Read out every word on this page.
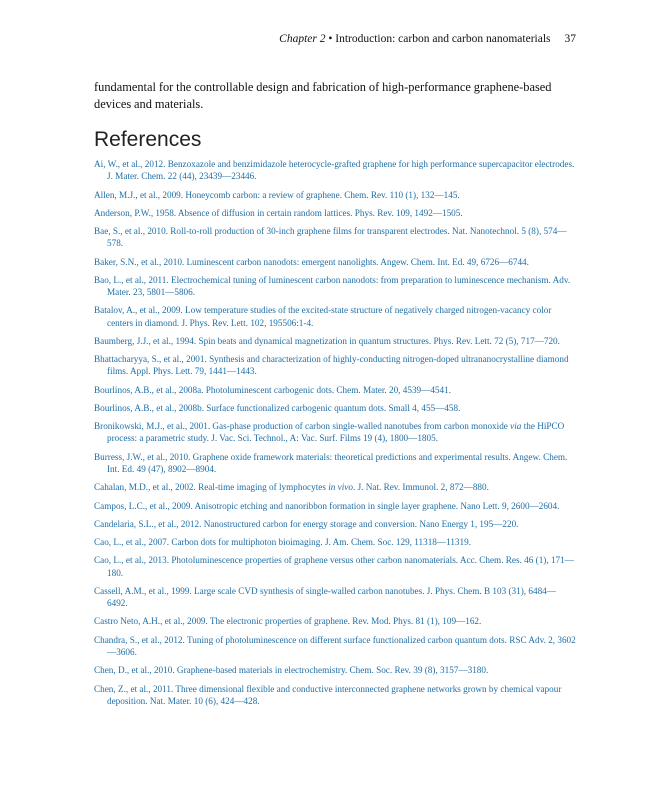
Chapter 2 • Introduction: carbon and carbon nanomaterials 37

fundamental for the controllable design and fabrication of high-performance graphene-based devices and materials.

References
Ai, W., et al., 2012. Benzoxazole and benzimidazole heterocycle-grafted graphene for high performance supercapacitor electrodes. J. Mater. Chem. 22 (44), 23439—23446.
Allen, M.J., et al., 2009. Honeycomb carbon: a review of graphene. Chem. Rev. 110 (1), 132—145.
Anderson, P.W., 1958. Absence of diffusion in certain random lattices. Phys. Rev. 109, 1492—1505.
Bae, S., et al., 2010. Roll-to-roll production of 30-inch graphene films for transparent electrodes. Nat. Nanotechnol. 5 (8), 574—578.
Baker, S.N., et al., 2010. Luminescent carbon nanodots: emergent nanolights. Angew. Chem. Int. Ed. 49, 6726—6744.
Bao, L., et al., 2011. Electrochemical tuning of luminescent carbon nanodots: from preparation to luminescence mechanism. Adv. Mater. 23, 5801—5806.
Batalov, A., et al., 2009. Low temperature studies of the excited-state structure of negatively charged nitrogen-vacancy color centers in diamond. J. Phys. Rev. Lett. 102, 195506:1-4.
Baumberg, J.J., et al., 1994. Spin beats and dynamical magnetization in quantum structures. Phys. Rev. Lett. 72 (5), 717—720.
Bhattacharyya, S., et al., 2001. Synthesis and characterization of highly-conducting nitrogen-doped ultrananocrystalline diamond films. Appl. Phys. Lett. 79, 1441—1443.
Bourlinos, A.B., et al., 2008a. Photoluminescent carbogenic dots. Chem. Mater. 20, 4539—4541.
Bourlinos, A.B., et al., 2008b. Surface functionalized carbogenic quantum dots. Small 4, 455—458.
Bronikowski, M.J., et al., 2001. Gas-phase production of carbon single-walled nanotubes from carbon monoxide via the HiPCO process: a parametric study. J. Vac. Sci. Technol., A: Vac. Surf. Films 19 (4), 1800—1805.
Burress, J.W., et al., 2010. Graphene oxide framework materials: theoretical predictions and experimental results. Angew. Chem. Int. Ed. 49 (47), 8902—8904.
Cahalan, M.D., et al., 2002. Real-time imaging of lymphocytes in vivo. J. Nat. Rev. Immunol. 2, 872—880.
Campos, L.C., et al., 2009. Anisotropic etching and nanoribbon formation in single layer graphene. Nano Lett. 9, 2600—2604.
Candelaria, S.L., et al., 2012. Nanostructured carbon for energy storage and conversion. Nano Energy 1, 195—220.
Cao, L., et al., 2007. Carbon dots for multiphoton bioimaging. J. Am. Chem. Soc. 129, 11318—11319.
Cao, L., et al., 2013. Photoluminescence properties of graphene versus other carbon nanomaterials. Acc. Chem. Res. 46 (1), 171—180.
Cassell, A.M., et al., 1999. Large scale CVD synthesis of single-walled carbon nanotubes. J. Phys. Chem. B 103 (31), 6484—6492.
Castro Neto, A.H., et al., 2009. The electronic properties of graphene. Rev. Mod. Phys. 81 (1), 109—162.
Chandra, S., et al., 2012. Tuning of photoluminescence on different surface functionalized carbon quantum dots. RSC Adv. 2, 3602—3606.
Chen, D., et al., 2010. Graphene-based materials in electrochemistry. Chem. Soc. Rev. 39 (8), 3157—3180.
Chen, Z., et al., 2011. Three dimensional flexible and conductive interconnected graphene networks grown by chemical vapour deposition. Nat. Mater. 10 (6), 424—428.
